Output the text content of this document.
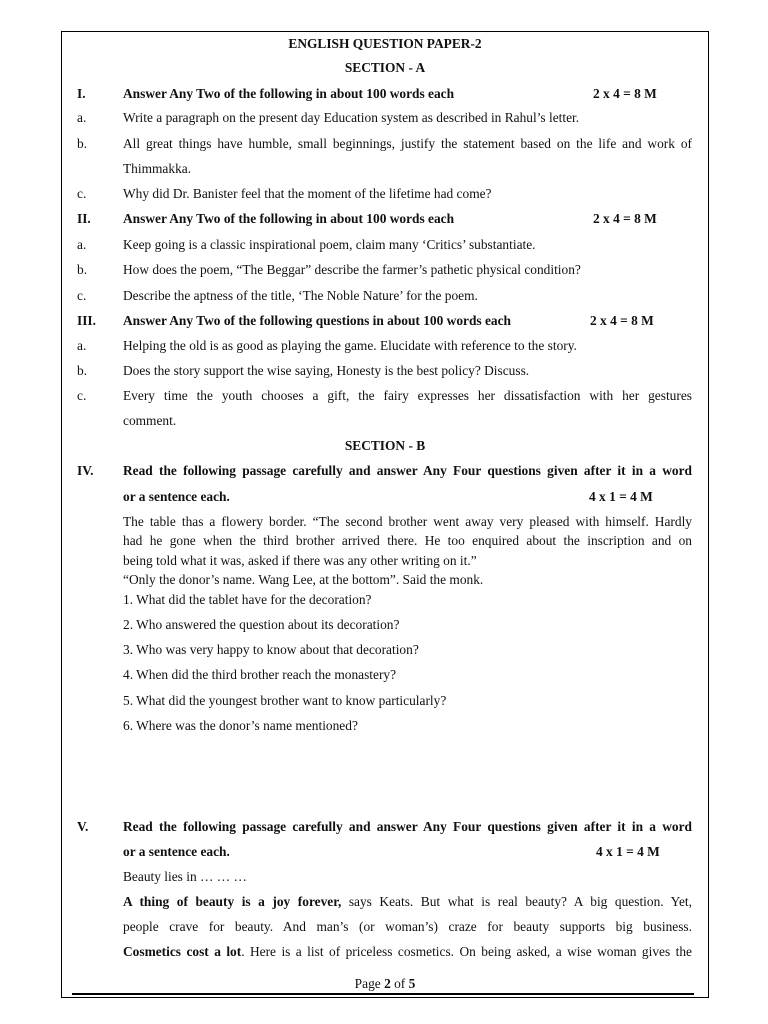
ENGLISH QUESTION PAPER-2
SECTION - A
I.	Answer Any Two of the following in about 100 words each	2 x 4 = 8 M
a.	Write a paragraph on the present day Education system as described in Rahul’s letter.
b.	All great things have humble, small beginnings, justify the statement based on the life and work of
Thimmakka.
c.	Why did Dr. Banister feel that the moment of the lifetime had come?
II. Answer Any Two of the following in about 100 words each	2 x 4 = 8 M
a.	Keep going is a classic inspirational poem, claim many ‘Critics’ substantiate.
b.	How does the poem, “The Beggar” describe the farmer’s pathetic physical condition?
c.	Describe the aptness of the title, ‘The Noble Nature’ for the poem.
III. Answer Any Two of the following questions in about 100 words each	2 x 4 = 8 M
a.	Helping the old is as good as playing the game. Elucidate with reference to the story.
b.	Does the story support the wise saying, Honesty is the best policy? Discuss.
c.	Every time the youth chooses a gift, the fairy expresses her dissatisfaction with her gestures
comment.
SECTION - B
IV. Read the following passage carefully and answer Any Four questions given after it in a word
or a sentence each.	4 x 1 = 4 M
The table thas a flowery border. “The second brother went away very pleased with himself. Hardly
had he gone when the third brother arrived there. He too enquired about the inscription and on
being told what it was, asked if there was any other writing on it.”
“Only the donor’s name. Wang Lee, at the bottom”. Said the monk.
1. What did the tablet have for the decoration?
2. Who answered the question about its decoration?
3. Who was very happy to know about that decoration?
4. When did the third brother reach the monastery?
5. What did the youngest brother want to know particularly?
6. Where was the donor’s name mentioned?
V.	Read the following passage carefully and answer Any Four questions given after it in a word
or a sentence each.	4 x 1 = 4 M
Beauty lies in … … …
A thing of beauty is a joy forever, says Keats. But what is real beauty? A big question. Yet,
people crave for beauty. And man’s (or woman’s) craze for beauty supports big business.
Cosmetics cost a lot. Here is a list of priceless cosmetics. On being asked, a wise woman gives the
Page 2 of 5
